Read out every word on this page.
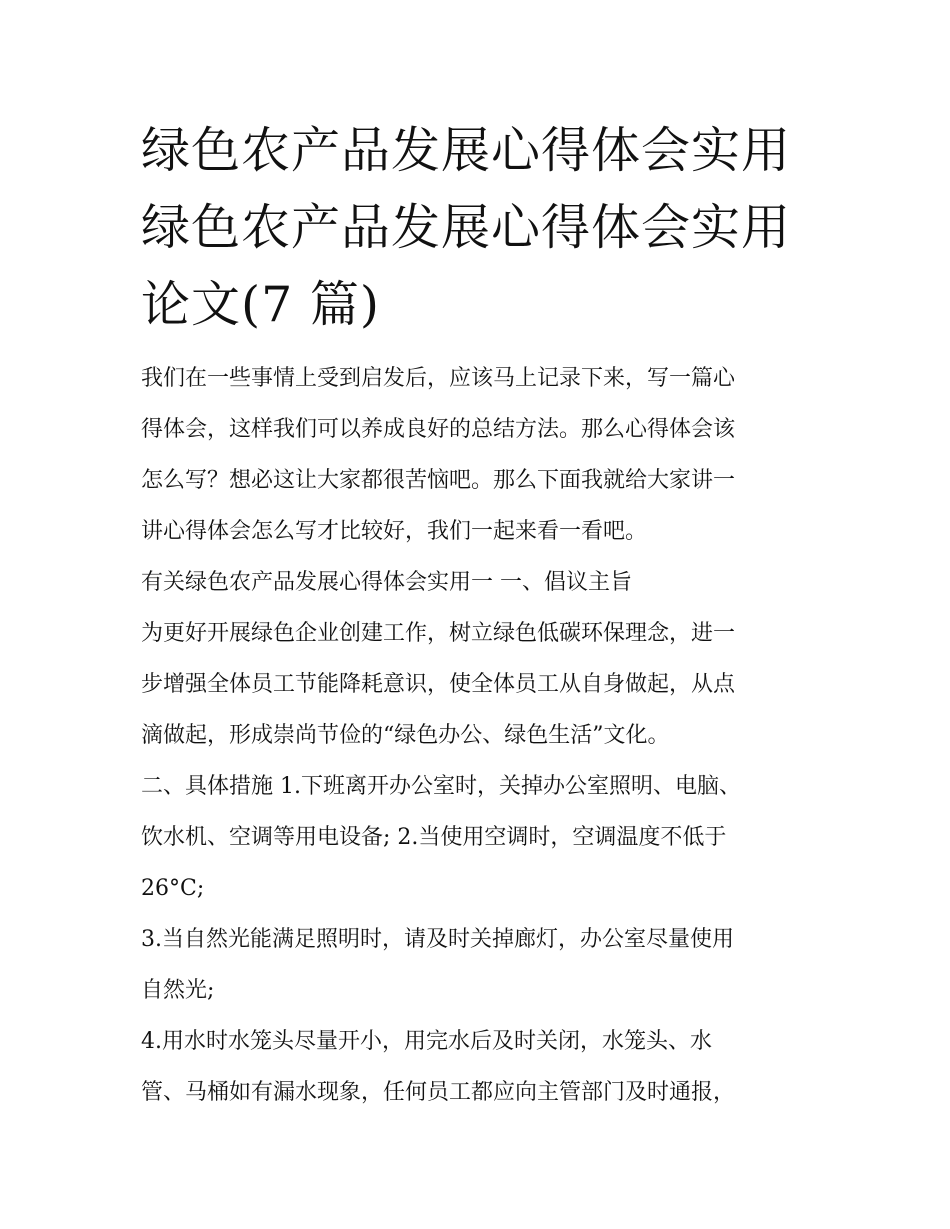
绿色农产品发展心得体会实用
绿色农产品发展心得体会实用
论文(7 篇)

我们在一些事情上受到启发后，应该马上记录下来，写一篇心
得体会，这样我们可以养成良好的总结方法。那么心得体会该
怎么写？想必这让大家都很苦恼吧。那么下面我就给大家讲一
讲心得体会怎么写才比较好，我们一起来看一看吧。

有关绿色农产品发展心得体会实用一 一、倡议主旨

为更好开展绿色企业创建工作，树立绿色低碳环保理念，进一
步增强全体员工节能降耗意识，使全体员工从自身做起，从点
滴做起，形成崇尚节俭的“绿色办公、绿色生活”文化。

二、具体措施 1.下班离开办公室时，关掉办公室照明、电脑、
饮水机、空调等用电设备; 2.当使用空调时，空调温度不低于
26°C;

3.当自然光能满足照明时，请及时关掉廊灯，办公室尽量使用
自然光;

4.用水时水笼头尽量开小，用完水后及时关闭，水笼头、水
管、马桶如有漏水现象，任何员工都应向主管部门及时通报，
